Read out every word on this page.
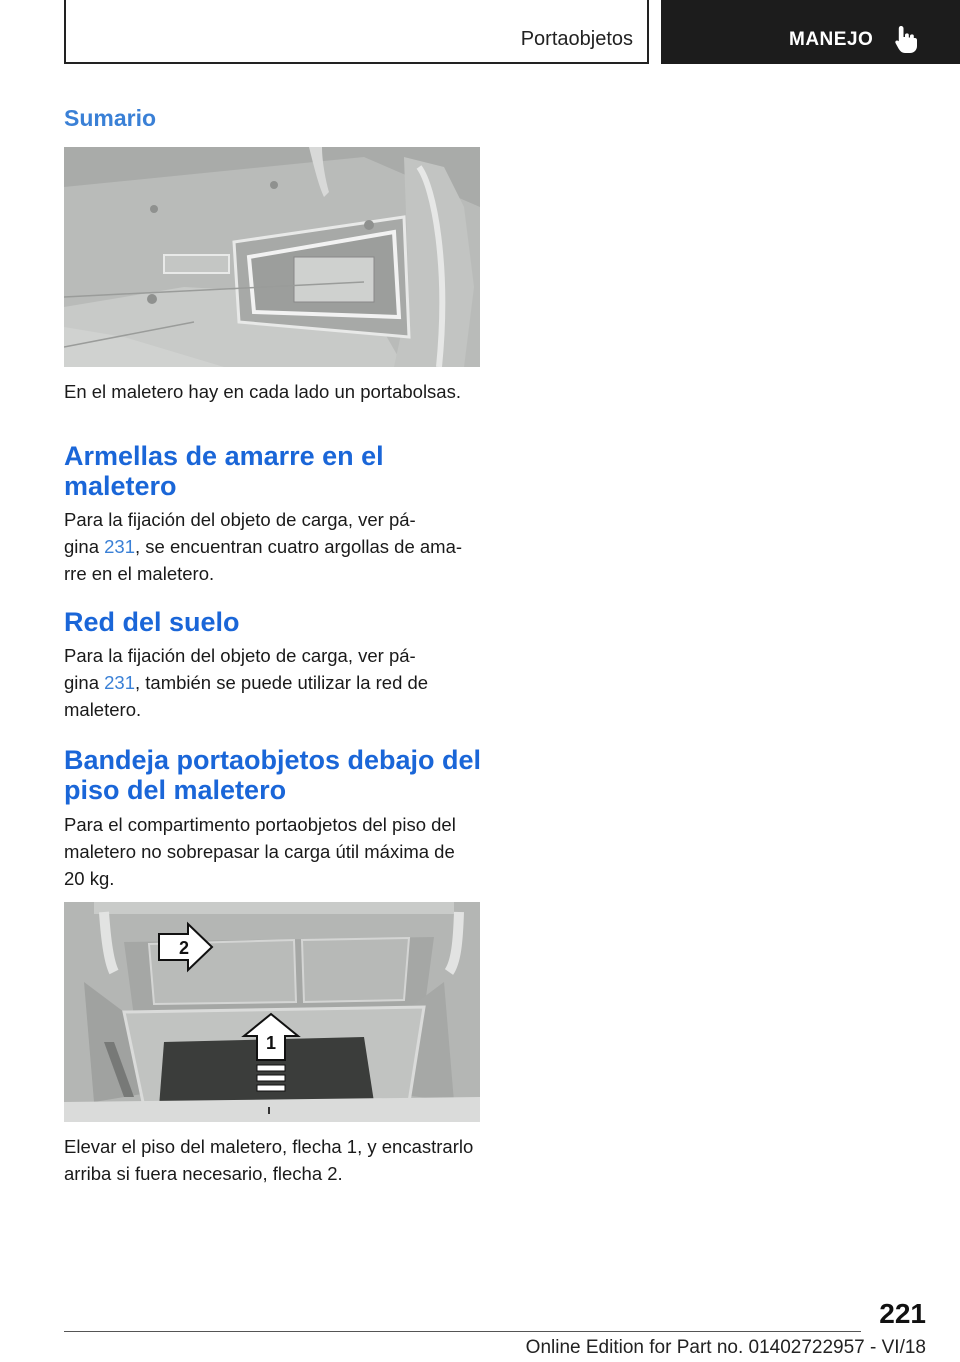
Portaobjetos	MANEJO
Sumario

En el maletero hay en cada lado un portabolsas.

Armellas de amarre en el
maletero

Para la fijación del objeto de carga, ver pá‐
gina 231, se encuentran cuatro argollas de ama‐
rre en el maletero.

Red del suelo

Para la fijación del objeto de carga, ver pá‐
gina 231, también se puede utilizar la red de
maletero.

Bandeja portaobjetos debajo del
piso del maletero

Para el compartimento portaobjetos del piso del
maletero no sobrepasar la carga útil máxima de
20 kg.

1
2

Elevar el piso del maletero, flecha 1, y encastrarlo
arriba si fuera necesario, flecha 2.

221
Online Edition for Part no. 01402722957 - VI/18
